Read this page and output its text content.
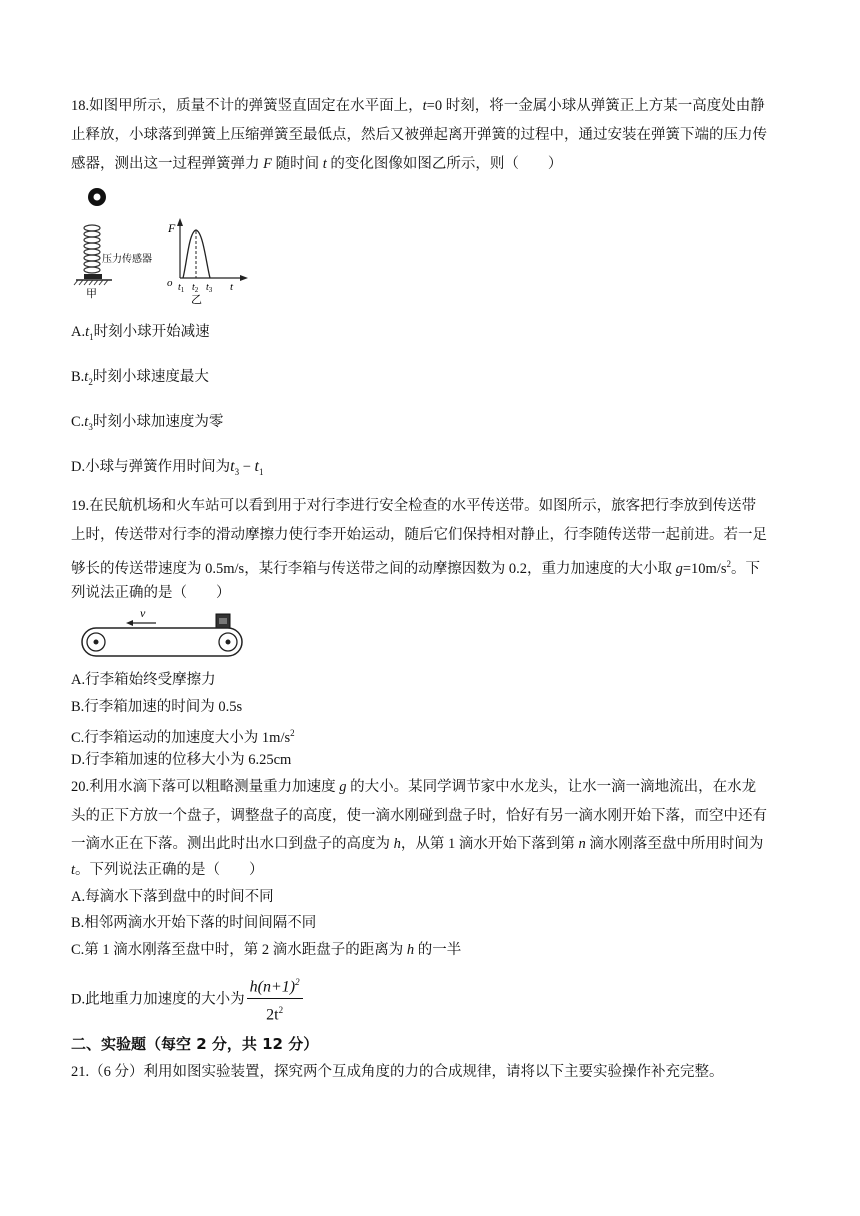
18.如图甲所示，质量不计的弹簧竖直固定在水平面上，t=0 时刻，将一金属小球从弹簧正上方某一高度处由静
止释放，小球落到弹簧上压缩弹簧至最低点，然后又被弹起离开弹簧的过程中，通过安装在弹簧下端的压力传
感器，测出这一过程弹簧弹力 F 随时间 t 的变化图像如图乙所示，则（　　）
压力传感器
甲
F
o $t_1$ $t_2$ $t_3$ t
乙
$A.t_1$时刻小球开始减速
$B.t_2$时刻小球速度最大
$C.t_3$时刻小球加速度为零
D.小球与弹簧作用时间为$t_3 - t_1$
19.在民航机场和火车站可以看到用于对行李进行安全检查的水平传送带。如图所示，旅客把行李放到传送带
上时，传送带对行李的滑动摩擦力使行李开始运动，随后它们保持相对静止，行李随传送带一起前进。若一足
够长的传送带速度为 0.5m/s，某行李箱与传送带之间的动摩擦因数为 0.2，重力加速度的大小取 $g=10m/s^2$。下
列说法正确的是（　　）
v
A.行李箱始终受摩擦力
B.行李箱加速的时间为 0.5s
C.行李箱运动的加速度大小为 $1m/s^2$
D.行李箱加速的位移大小为 6.25cm
20.利用水滴下落可以粗略测量重力加速度 g 的大小。某同学调节家中水龙头，让水一滴一滴地流出，在水龙
头的正下方放一个盘子，调整盘子的高度，使一滴水刚碰到盘子时，恰好有另一滴水刚开始下落，而空中还有
一滴水正在下落。测出此时出水口到盘子的高度为 h，从第 1 滴水开始下落到第 n 滴水刚落至盘中所用时间为
t。下列说法正确的是（　　）
A.每滴水下落到盘中的时间不同
B.相邻两滴水开始下落的时间间隔不同
C.第 1 滴水刚落至盘中时，第 2 滴水距盘子的距离为 h 的一半
D.此地重力加速度的大小为 $\frac{h(n+1)^2}{2t^2}$
二、实验题（每空 2 分，共 12 分）
21.（6 分）利用如图实验装置，探究两个互成角度的力的合成规律，请将以下主要实验操作补充完整。
